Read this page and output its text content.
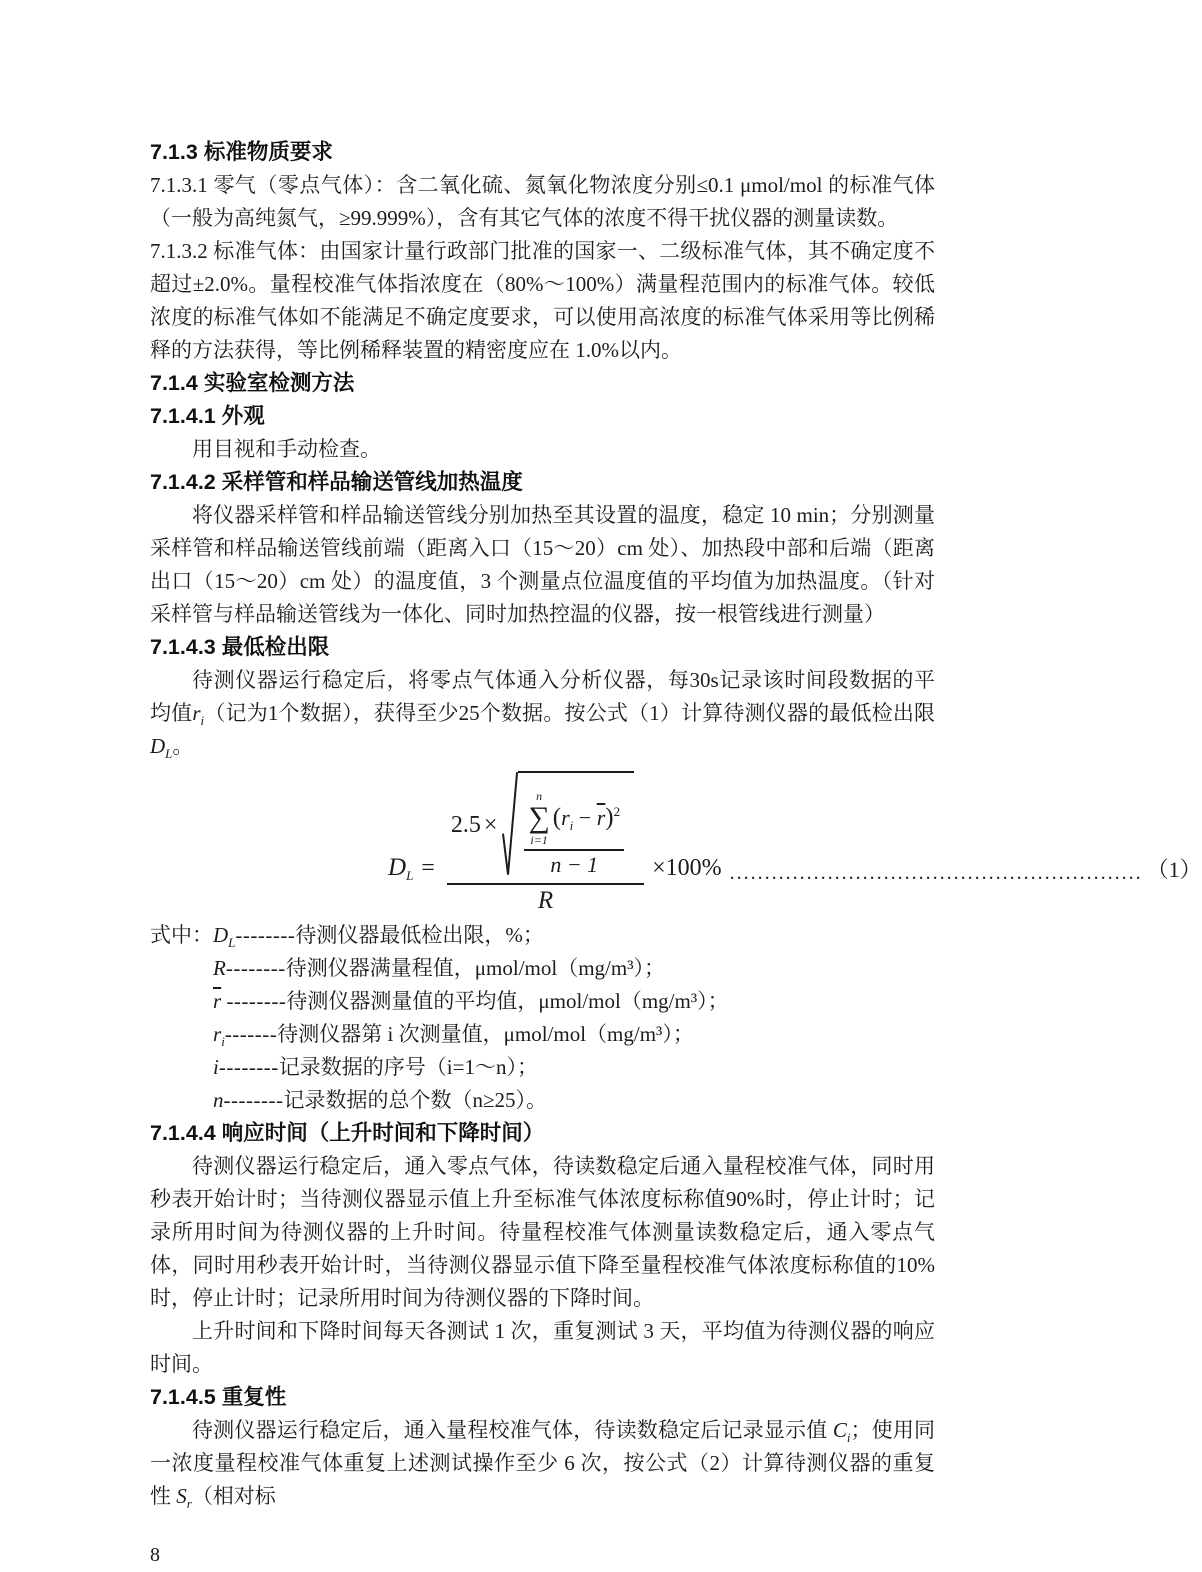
7.1.3 标准物质要求

7.1.3.1 零气（零点气体）：含二氧化硫、氮氧化物浓度分别≤0.1 μmol/mol 的标准气体（一般为高纯氮气，≥99.999%），含有其它气体的浓度不得干扰仪器的测量读数。

7.1.3.2 标准气体：由国家计量行政部门批准的国家一、二级标准气体，其不确定度不超过±2.0%。量程校准气体指浓度在（80%～100%）满量程范围内的标准气体。较低浓度的标准气体如不能满足不确定度要求，可以使用高浓度的标准气体采用等比例稀释的方法获得，等比例稀释装置的精密度应在 1.0%以内。

7.1.4 实验室检测方法
7.1.4.1 外观

用目视和手动检查。

7.1.4.2 采样管和样品输送管线加热温度

将仪器采样管和样品输送管线分别加热至其设置的温度，稳定 10 min；分别测量采样管和样品输送管线前端（距离入口（15～20）cm 处）、加热段中部和后端（距离出口（15～20）cm 处）的温度值，3 个测量点位温度值的平均值为加热温度。（针对采样管与样品输送管线为一体化、同时加热控温的仪器，按一根管线进行测量）

7.1.4.3 最低检出限

待测仪器运行稳定后，将零点气体通入分析仪器，每30s记录该时间段数据的平均值$r_i$（记为1个数据），获得至少25个数据。按公式（1）计算待测仪器的最低检出限$D_L$。

$D_L$ =
2.5 ×
n
∑
i=1
$(r_i - \overline{r})^2$
n − 1
R
×100% ........................................................... （1）

式中：$D_L--------$待测仪器最低检出限，%；

R--------待测仪器满量程值，μmol/mol（mg/m³）；

$\overline{r}$ --------待测仪器测量值的平均值，μmol/mol（mg/m³）；

$r_i-------$待测仪器第 i 次测量值，μmol/mol（mg/m³）；

i--------记录数据的序号（i=1～n）；

n--------记录数据的总个数（n≥25）。

7.1.4.4 响应时间（上升时间和下降时间）

待测仪器运行稳定后，通入零点气体，待读数稳定后通入量程校准气体，同时用秒表开始计时；当待测仪器显示值上升至标准气体浓度标称值90%时，停止计时；记录所用时间为待测仪器的上升时间。待量程校准气体测量读数稳定后，通入零点气体，同时用秒表开始计时，当待测仪器显示值下降至量程校准气体浓度标称值的10%时，停止计时；记录所用时间为待测仪器的下降时间。

上升时间和下降时间每天各测试 1 次，重复测试 3 天，平均值为待测仪器的响应时间。

7.1.4.5 重复性

待测仪器运行稳定后，通入量程校准气体，待读数稳定后记录显示值 $C_i$；使用同一浓度量程校准气体重复上述测试操作至少 6 次，按公式（2）计算待测仪器的重复性 $S_r$（相对标

8
